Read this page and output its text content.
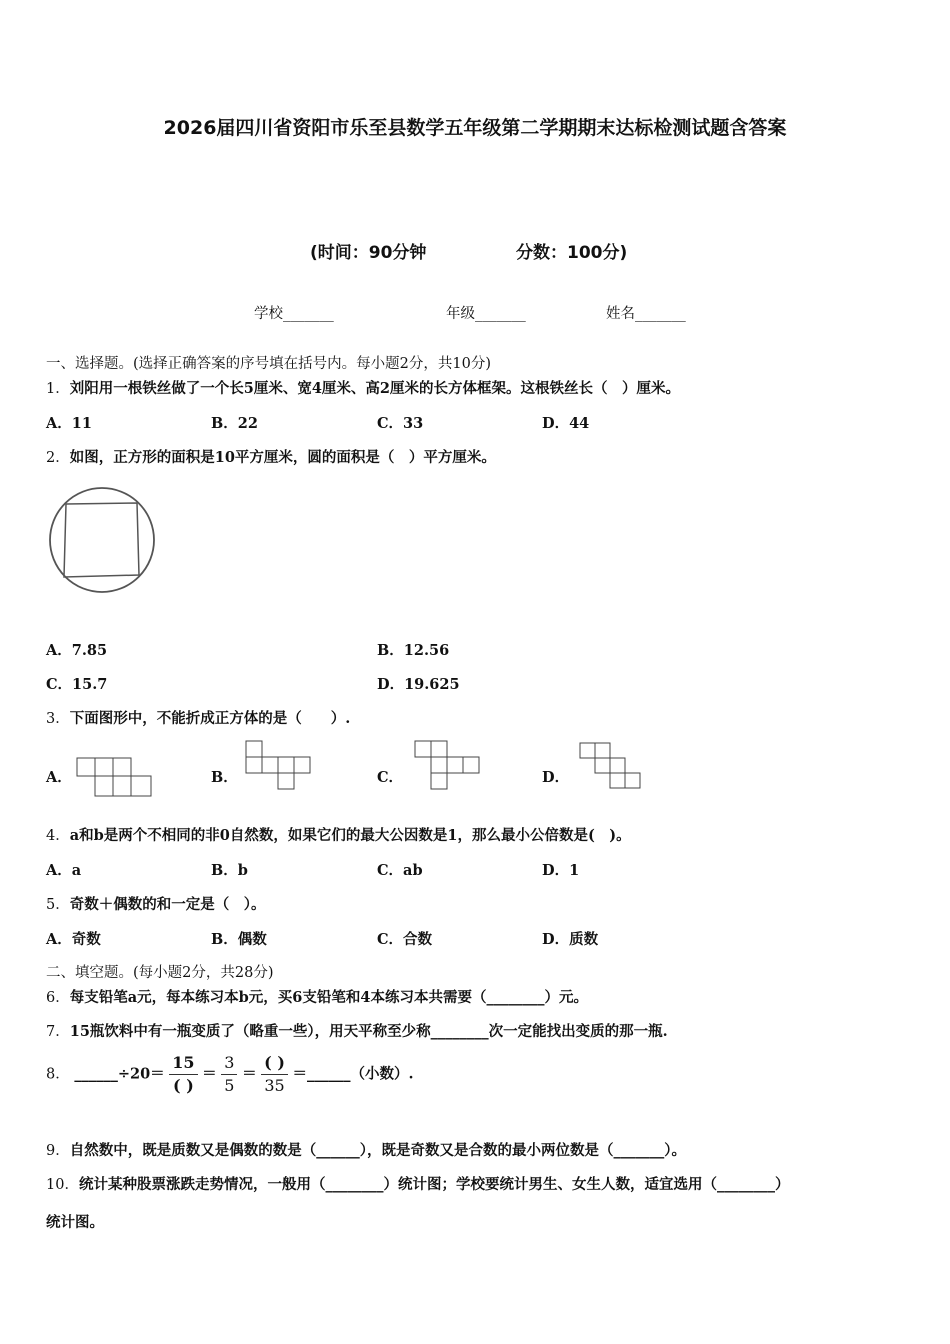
2026届四川省资阳市乐至县数学五年级第二学期期末达标检测试题含答案
(时间：90分钟	分数：100分)
学校_______	年级_______	姓名_______
一、选择题。(选择正确答案的序号填在括号内。每小题2分，共10分)
1．刘阳用一根铁丝做了一个长5厘米、宽4厘米、高2厘米的长方体框架。这根铁丝长（　）厘米。
A．11	B．22	C．33	D．44
2．如图，正方形的面积是10平方厘米，圆的面积是（　）平方厘米。
A．7.85	B．12.56
C．15.7	D．19.625
3．下面图形中，不能折成正方体的是（　　）.
A．	B．	C．	D．
4．a和b是两个不相同的非0自然数，如果它们的最大公因数是1，那么最小公倍数是(　)。
A．a	B．b	C．ab	D．1
5．奇数＋偶数的和一定是（　）。
A．奇数	B．偶数	C．合数	D．质数
二、填空题。(每小题2分，共28分)
6．每支铅笔a元，每本练习本b元，买6支铅笔和4本练习本共需要（________）元。
7．15瓶饮料中有一瓶变质了（略重一些），用天平称至少称________次一定能找出变质的那一瓶.
8． ______÷20＝ $\frac{15}{( )} = \frac{3}{5} = \frac{( )}{35}$ ＝______（小数）.
9．自然数中，既是质数又是偶数的数是（______），既是奇数又是合数的最小两位数是（_______）。
10．统计某种股票涨跌走势情况，一般用（________）统计图；学校要统计男生、女生人数，适宜选用（________）
统计图。
